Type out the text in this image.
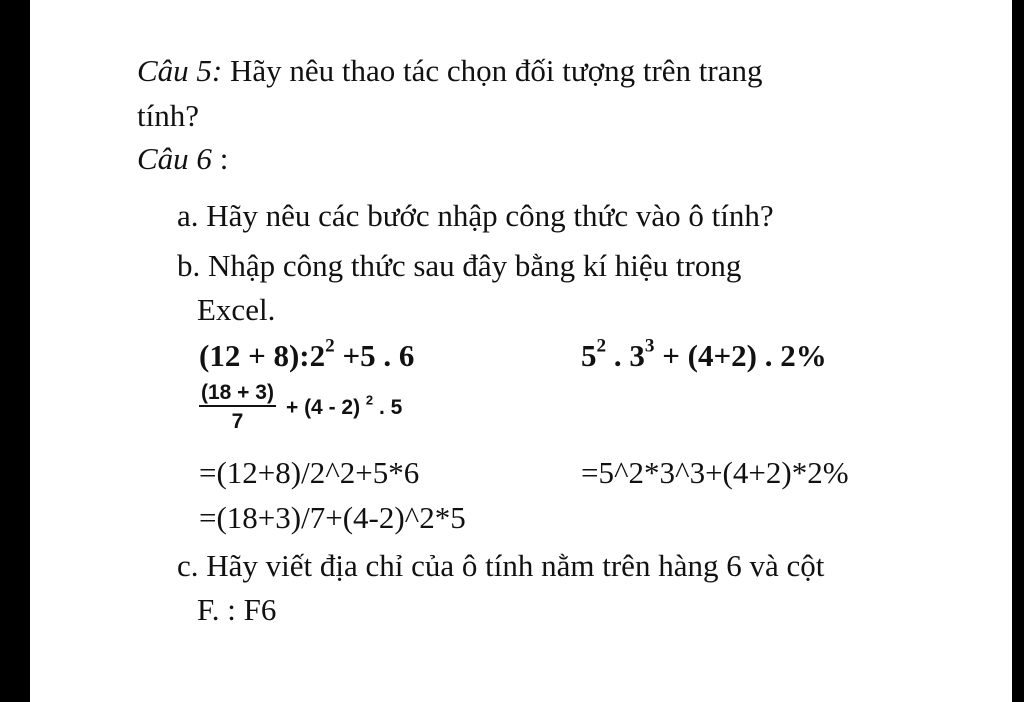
Câu 5: Hãy nêu thao tác chọn đối tượng trên trang
tính?
Câu 6 :
a. Hãy nêu các bước nhập công thức vào ô tính?
b. Nhập công thức sau đây bằng kí hiệu trong
Excel.
$(12 + 8):2^2 +5$ . 6	$5^2$ . $3^3 + (4+2)$ . 2%
$\frac{(18 + 3)}{7} + (4 - 2)$ $^2$ . 5
=(12+8)/2^2+5*6	=5^2*3^3+(4+2)*2%
=(18+3)/7+(4-2)^2*5
c. Hãy viết địa chỉ của ô tính nằm trên hàng 6 và cột
F. : F6
